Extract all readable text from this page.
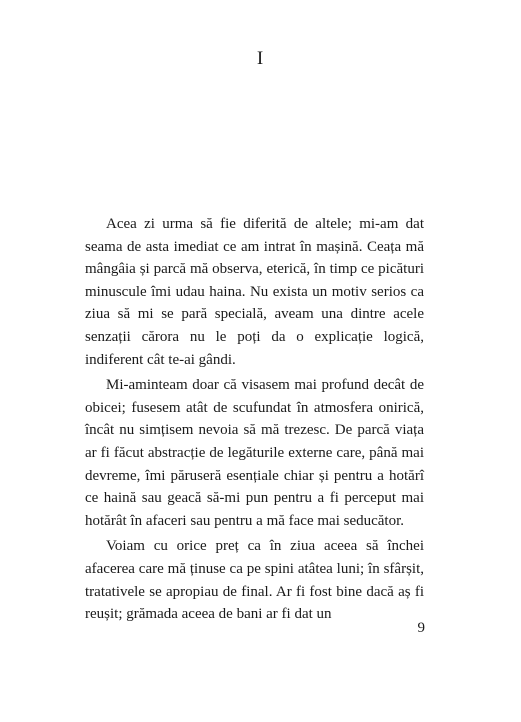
I

Acea zi urma să fie diferită de altele; mi-am dat seama de asta imediat ce am intrat în mașină. Ceața mă mângâia și parcă mă observa, eterică, în timp ce picături minuscule îmi udau haina. Nu exista un motiv serios ca ziua să mi se pară specială, aveam una dintre acele senzații cărora nu le poți da o explicație logică, indiferent cât te-ai gândi.

Mi-aminteam doar că visasem mai profund decât de obicei; fusesem atât de scufundat în atmosfera onirică, încât nu simțisem nevoia să mă trezesc. De parcă viața ar fi făcut abstracție de legăturile externe care, până mai devreme, îmi păruseră esențiale chiar și pentru a hotărî ce haină sau geacă să-mi pun pentru a fi perceput mai hotărât în afaceri sau pentru a mă face mai seducător.

Voiam cu orice preț ca în ziua aceea să închei afacerea care mă ținuse ca pe spini atâtea luni; în sfârșit, tratativele se apropiau de final. Ar fi fost bine dacă aș fi reușit; grămada aceea de bani ar fi dat un

9
